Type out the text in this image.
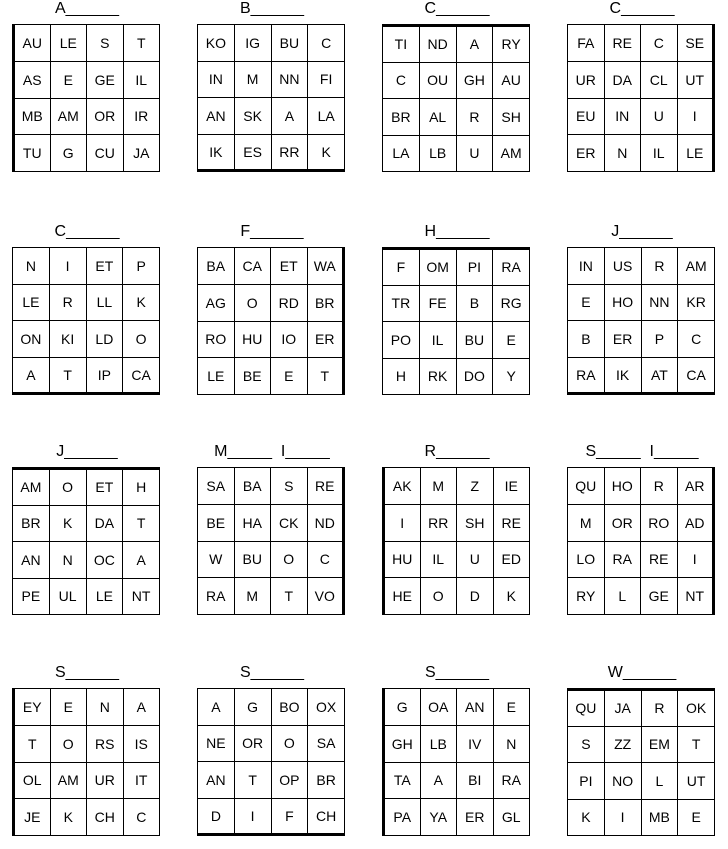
A______
AU	LE	S	T
AS	E	GE	IL
MB	AM	OR	IR
TU	G	CU	JA
B______
KO	IG	BU	C
IN	M	NN	FI
AN	SK	A	LA
IK	ES	RR	K
C______
TI	ND	A	RY
C	OU	GH	AU
BR	AL	R	SH
LA	LB	U	AM
C______
FA	RE	C	SE
UR	DA	CL	UT
EU	IN	U	I
ER	N	IL	LE
C______
N	I	ET	P
LE	R	LL	K
ON	KI	LD	O
A	T	IP	CA
F______
BA	CA	ET	WA
AG	O	RD	BR
RO	HU	IO	ER
LE	BE	E	T
H______
F	OM	PI	RA
TR	FE	B	RG
PO	IL	BU	E
H	RK	DO	Y
J______
IN	US	R	AM
E	HO	NN	KR
B	ER	P	C
RA	IK	AT	CA
J______
AM	O	ET	H
BR	K	DA	T
AN	N	OC	A
PE	UL	LE	NT
M_____  I_____
SA	BA	S	RE
BE	HA	CK	ND
W	BU	O	C
RA	M	T	VO
R______
AK	M	Z	IE
I	RR	SH	RE
HU	IL	U	ED
HE	O	D	K
S_____  I_____
QU	HO	R	AR
M	OR	RO	AD
LO	RA	RE	I
RY	L	GE	NT
S______
EY	E	N	A
T	O	RS	IS
OL	AM	UR	IT
JE	K	CH	C
S______
A	G	BO	OX
NE	OR	O	SA
AN	T	OP	BR
D	I	F	CH
S______
G	OA	AN	E
GH	LB	IV	N
TA	A	BI	RA
PA	YA	ER	GL
W______
QU	JA	R	OK
S	ZZ	EM	T
PI	NO	L	UT
K	I	MB	E
